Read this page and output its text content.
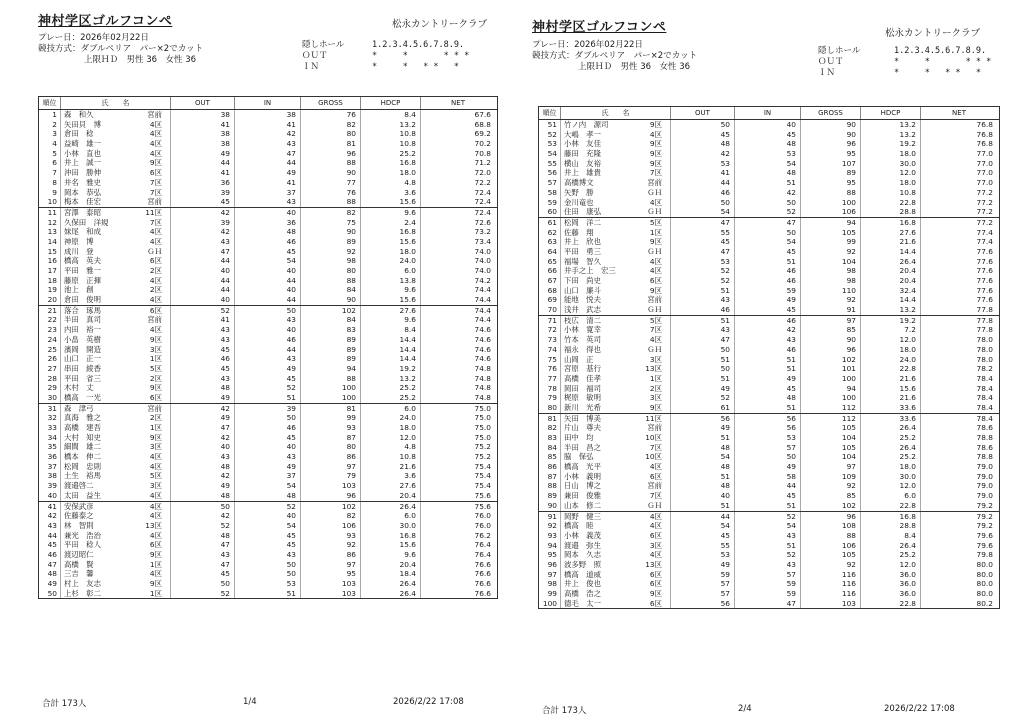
神村学区ゴルフコンペ	松永カントリークラブ
プレー日：2026年02月22日
競技方式：ダブルペリア　パー×2でカット
上限ＨＤ　男性 36　女性 36
隠しホール
ＯＵＴ
ＩＮ
1.2.3.4.5.6.7.8.9.
*     *       * * *
*     *   * *   *
順位	氏　　名	OUT	IN	GROSS	HDCP	NET
1 森　和久	宮前	38	38	76	8.4	67.6
2 矢田貝　博	4区	41	41	82	13.2	68.8
3 倉田　稔	4区	38	42	80	10.8	69.2
4 益崎　雄一	4区	38	43	81	10.8	70.2
5 小林　直也	4区	49	47	96	25.2	70.8
6 井上　誠一	9区	44	44	88	16.8	71.2
7 沖田　勝伸	6区	41	49	90	18.0	72.0
8 井名　雅史	7区	36	41	77	4.8	72.2
9 岡本　恭弘	7区	39	37	76	3.6	72.4
10 梅本　佳宏	宮前	45	43	88	15.6	72.4
11 宮澤　泰昭	11区	42	40	82	9.6	72.4
12 久保田　洋規	7区	39	36	75	2.4	72.6
13 妹尾　和成	4区	42	48	90	16.8	73.2
14 神原　博	4区	43	46	89	15.6	73.4
15 成川　登	ＧＨ	47	45	92	18.0	74.0
16 橋高　英夫	6区	44	54	98	24.0	74.0
17 平田　雅一	2区	40	40	80	6.0	74.0
18 藤原　正揮	4区	44	44	88	13.8	74.2
19 池上　創	2区	44	40	84	9.6	74.4
20 倉田　俊明	4区	40	44	90	15.6	74.4
21 落合　琢馬	6区	52	50	102	27.6	74.4
22 半田　真司	宮前	41	43	84	9.6	74.4
23 内田　裕一	4区	43	40	83	8.4	74.6
24 小畠　英樹	9区	43	46	89	14.4	74.6
25 濱岡　開造	3区	45	44	89	14.4	74.6
26 山口　正一	1区	46	43	89	14.4	74.6
27 串田　綾香	5区	45	49	94	19.2	74.8
28 平田　省三	2区	43	45	88	13.2	74.8
29 木村　丈	9区	48	52	100	25.2	74.8
30 橋高　一光	6区	49	51	100	25.2	74.8
31 森　津弓	宮前	42	39	81	6.0	75.0
32 真海　雅之	2区	49	50	99	24.0	75.0
33 高橋　建吾	1区	47	46	93	18.0	75.0
34 大村　知史	9区	42	45	87	12.0	75.0
35 細間　雄二	3区	40	40	80	4.8	75.2
36 橋本　伸二	4区	43	43	86	10.8	75.2
37 松岡　忠則	4区	48	49	97	21.6	75.4
38 土生　裕馬	5区	42	37	79	3.6	75.4
39 渡邉啓二	3区	49	54	103	27.6	75.4
40 太田　益生	4区	48	48	96	20.4	75.6
41 安保武彦	4区	50	52	102	26.4	75.6
42 佐藤泰之	4区	42	40	82	6.0	76.0
43 林　智則	13区	52	54	106	30.0	76.0
44 兼光　浩治	4区	48	45	93	16.8	76.2
45 平田　稔人	6区	47	45	92	15.6	76.4
46 渡辺昭仁	9区	43	43	86	9.6	76.4
47 高橋　賢	1区	47	50	97	20.4	76.6
48 三吉　馨	4区	45	50	95	18.4	76.6
49 村上　友志	9区	50	53	103	26.4	76.6
50 上杉　彰二	1区	52	51	103	26.4	76.6
合計 173人	1/4	2026/2/22 17:08
神村学区ゴルフコンペ	松永カントリークラブ
プレー日：2026年02月22日
競技方式：ダブルペリア　パー×2でカット
上限ＨＤ　男性 36　女性 36
隠しホール
ＯＵＴ
ＩＮ
1.2.3.4.5.6.7.8.9.
*     *       * * *
*     *   * *   *
順位	氏　　名	OUT	IN	GROSS	HDCP	NET
51 竹ノ内　源司	9区	50	40	90	13.2	76.8
52 大嶋　孝一	4区	45	45	90	13.2	76.8
53 小林　友佳	9区	48	48	96	19.2	76.8
54 藤田　充隆	9区	42	53	95	18.0	77.0
55 横山　友裕	9区	53	54	107	30.0	77.0
56 井上　雄貴	7区	41	48	89	12.0	77.0
57 高橋博文	宮前	44	51	95	18.0	77.0
58 矢野　勝	ＧＨ	46	42	88	10.8	77.2
59 金川竜也	4区	50	50	100	22.8	77.2
60 住田　康弘	ＧＨ	54	52	106	28.8	77.2
61 松岡　洋二	5区	47	47	94	16.8	77.2
62 佐藤　翔	1区	55	50	105	27.6	77.4
63 井上　欣也	9区	45	54	99	21.6	77.4
64 平田　勇三	ＧＨ	47	45	92	14.4	77.6
65 福場　智久	4区	53	51	104	26.4	77.6
66 井手之上　宏三	4区	52	46	98	20.4	77.6
67 下田　尚史	6区	52	46	98	20.4	77.6
68 山口　廉斗	9区	51	59	110	32.4	77.6
69 能地　悦夫	宮前	43	49	92	14.4	77.6
70 浅井　武志	ＧＨ	46	45	91	13.2	77.8
71 枝広　清二	5区	51	46	97	19.2	77.8
72 小林　寛幸	7区	43	42	85	7.2	77.8
73 竹本　英司	4区	47	43	90	12.0	78.0
74 福永　得也	ＧＨ	50	46	96	18.0	78.0
75 山岡　正	3区	51	51	102	24.0	78.0
76 宮原　基行	13区	50	51	101	22.8	78.2
77 高橋　佳孝	1区	51	49	100	21.6	78.4
78 岡田　福司	2区	49	45	94	15.6	78.4
79 梶原　敏明	3区	52	48	100	21.6	78.4
80 新川　光希	9区	61	51	112	33.6	78.4
81 矢田　博美	11区	56	56	112	33.6	78.4
82 片山　尊夫	宮前	49	56	105	26.4	78.6
83 田中　均	10区	51	53	104	25.2	78.8
84 半田　昌之	7区	48	57	105	26.4	78.6
85 脇　保弘	10区	54	50	104	25.2	78.8
86 橋高　光平	4区	48	49	97	18.0	79.0
87 小林　義明	6区	51	58	109	30.0	79.0
88 日山　博之	宮前	48	44	92	12.0	79.0
89 兼田　俊雅	7区	40	45	85	6.0	79.0
90 山本　修二	ＧＨ	51	51	102	22.8	79.2
91 岡野　健三	4区	44	52	96	16.8	79.2
92 橋高　睦	4区	54	54	108	28.8	79.2
93 小林　義茂	6区	45	43	88	8.4	79.6
94 渡邉　弥生	3区	55	51	106	26.4	79.6
95 岡本　久志	4区	53	52	105	25.2	79.8
96 波多野　照	13区	49	43	92	12.0	80.0
97 橋高　道威	6区	59	57	116	36.0	80.0
98 井上　俊也	6区	57	59	116	36.0	80.0
99 高橋　浩之	9区	57	59	116	36.0	80.0
100 德毛　太一	6区	56	47	103	22.8	80.2
合計 173人	2/4	2026/2/22 17:08
